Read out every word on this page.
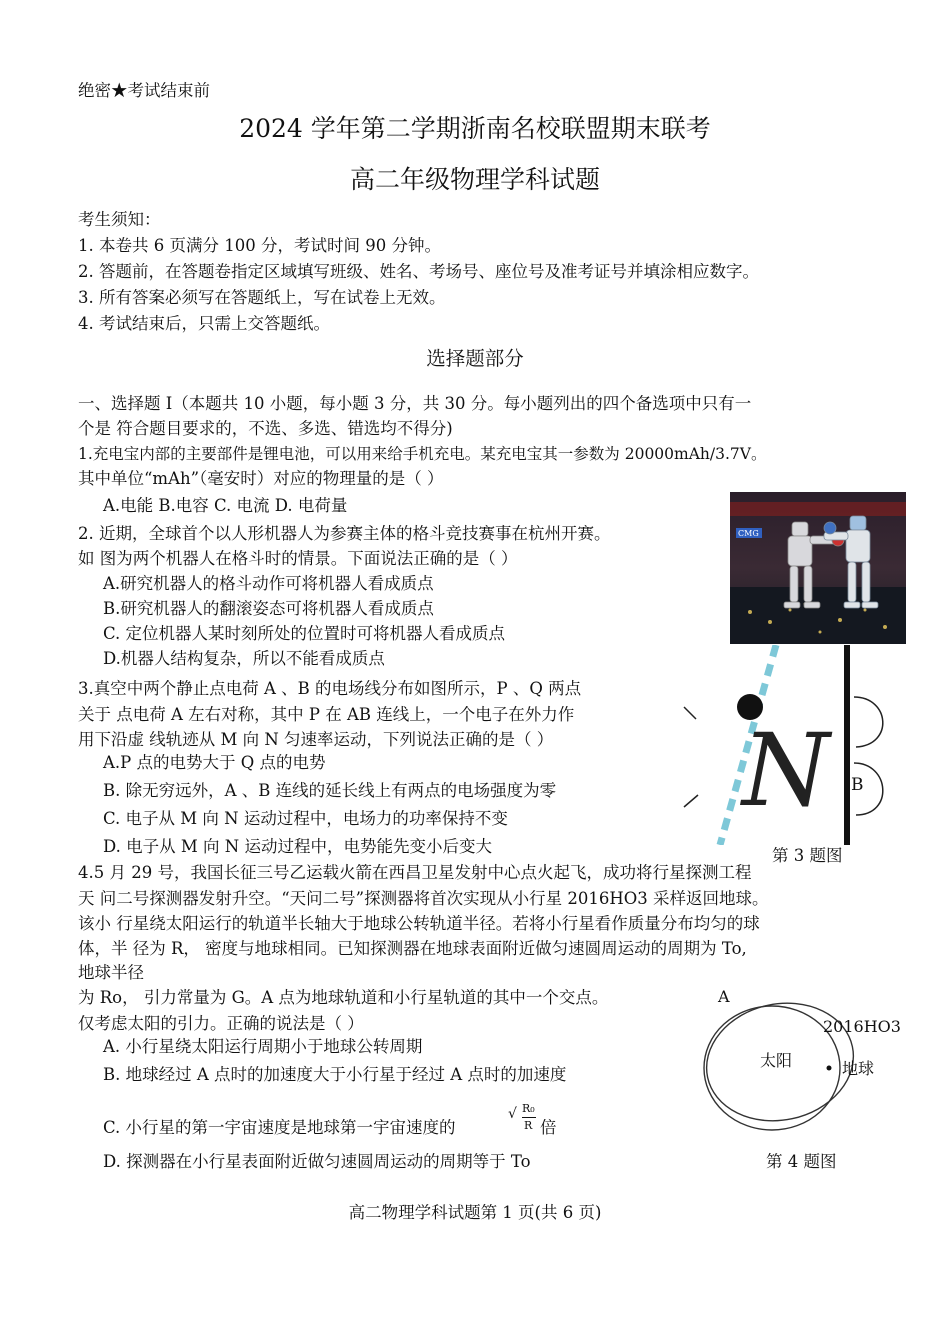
绝密★考试结束前
2024 学年第二学期浙南名校联盟期末联考
高二年级物理学科试题
考生须知：
1. 本卷共 6 页满分 100 分，考试时间 90 分钟。
2. 答题前，在答题卷指定区域填写班级、姓名、考场号、座位号及准考证号并填涂相应数字。
3. 所有答案必须写在答题纸上，写在试卷上无效。
4. 考试结束后，只需上交答题纸。
选择题部分
一、选择题 I（本题共 10 小题，每小题 3 分，共 30 分。每小题列出的四个备选项中只有一
个是 符合题目要求的，不选、多选、错选均不得分)
1.充电宝内部的主要部件是锂电池，可以用来给手机充电。某充电宝其一参数为 20000mAh/3.7V。
其中单位“mAh”（毫安时）对应的物理量的是（ ）
A.电能 B.电容 C. 电流 D. 电荷量
2. 近期，全球首个以人形机器人为参赛主体的格斗竞技赛事在杭州开赛。
如 图为两个机器人在格斗时的情景。下面说法正确的是（ ）
A.研究机器人的格斗动作可将机器人看成质点
B.研究机器人的翻滚姿态可将机器人看成质点
C. 定位机器人某时刻所处的位置时可将机器人看成质点
D.机器人结构复杂，所以不能看成质点
CMG
3.真空中两个静止点电荷 A 、B 的电场线分布如图所示，P 、Q 两点
关于 点电荷 A 左右对称，其中 P 在 AB 连线上，一个电子在外力作
用下沿虚 线轨迹从 M 向 N 匀速率运动，下列说法正确的是（ ）
A.P 点的电势大于 Q 点的电势
B. 除无穷远外，A 、B 连线的延长线上有两点的电场强度为零
C. 电子从 M 向 N 运动过程中，电场力的功率保持不变
D. 电子从 M 向 N 运动过程中，电势能先变小后变大
N B
第 3 题图
4.5 月 29 号，我国长征三号乙运载火箭在西昌卫星发射中心点火起飞，成功将行星探测工程
天 问二号探测器发射升空。“天问二号”探测器将首次实现从小行星 2016HO3 采样返回地球。
该小 行星绕太阳运行的轨道半长轴大于地球公转轨道半径。若将小行星看作质量分布均匀的球
体，半 径为 R， 密度与地球相同。已知探测器在地球表面附近做匀速圆周运动的周期为 To,
地球半径
为 Ro， 引力常量为 G。A 点为地球轨道和小行星轨道的其中一个交点。
仅考虑太阳的引力。正确的说法是（ ）
A. 小行星绕太阳运行周期小于地球公转周期
B. 地球经过 A 点时的加速度大于小行星于经过 A 点时的加速度
C. 小行星的第一宇宙速度是地球第一宇宙速度的
√ R₀
R 倍
D. 探测器在小行星表面附近做匀速圆周运动的周期等于 To
A
2016HO3
太阳	地球
第 4 题图
高二物理学科试题第 1 页(共 6 页)
